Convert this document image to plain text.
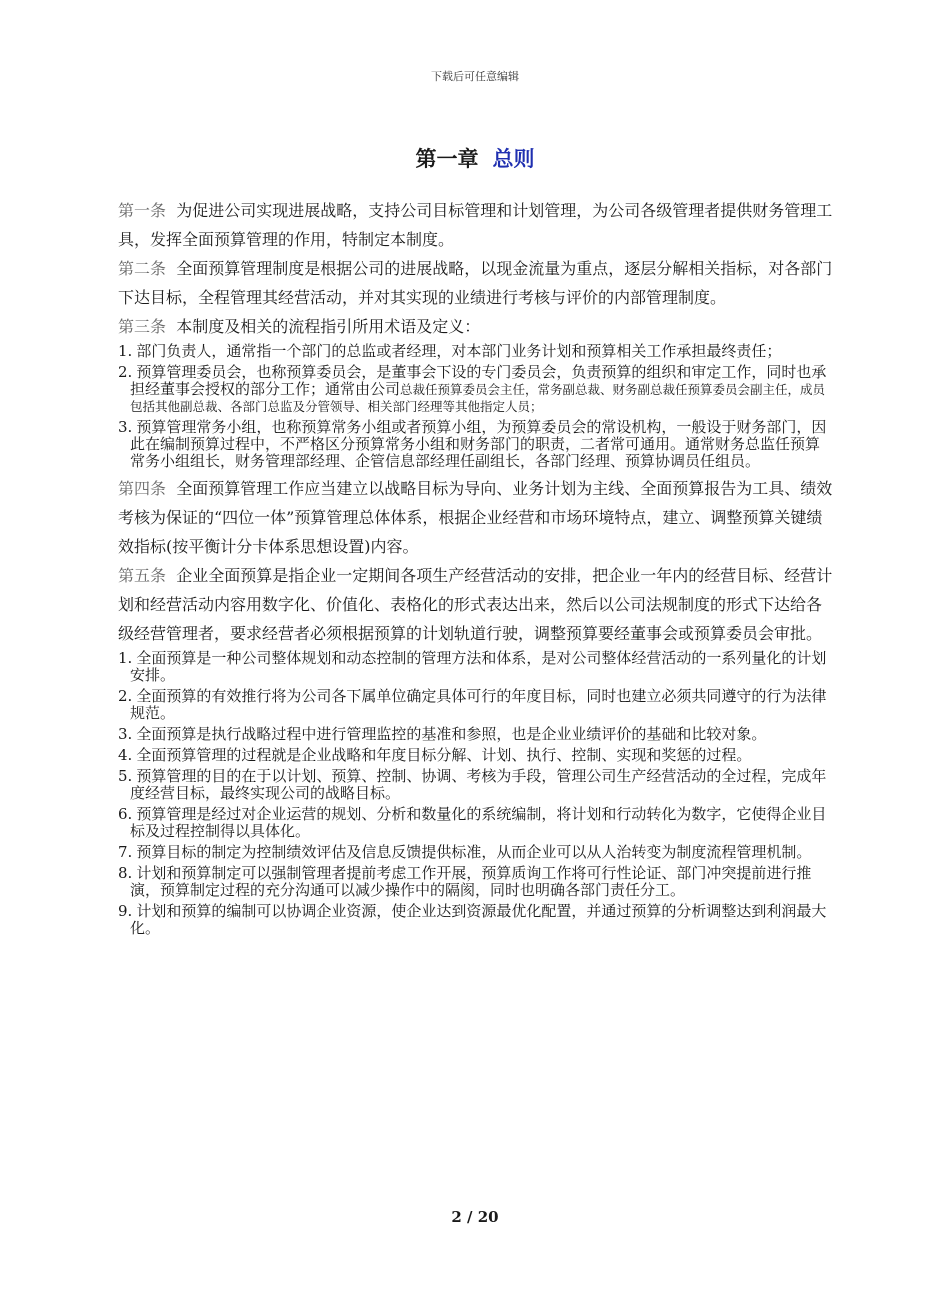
下载后可任意编辑
第一章 总则

第一条 为促进公司实现进展战略，支持公司目标管理和计划管理，为公司各级管理者提供财务管理工具，发挥全面预算管理的作用，特制定本制度。

第二条 全面预算管理制度是根据公司的进展战略，以现金流量为重点，逐层分解相关指标，对各部门下达目标，全程管理其经营活动，并对其实现的业绩进行考核与评价的内部管理制度。

第三条 本制度及相关的流程指引所用术语及定义：

1. 部门负责人，通常指一个部门的总监或者经理，对本部门业务计划和预算相关工作承担最终责任；

2. 预算管理委员会，也称预算委员会，是董事会下设的专门委员会，负责预算的组织和审定工作，同时也承担经董事会授权的部分工作；通常由公司总裁任预算委员会主任，常务副总裁、财务副总裁任预算委员会副主任，成员包括其他副总裁、各部门总监及分管领导、相关部门经理等其他指定人员；

3. 预算管理常务小组，也称预算常务小组或者预算小组，为预算委员会的常设机构，一般设于财务部门，因此在编制预算过程中，不严格区分预算常务小组和财务部门的职责，二者常可通用。通常财务总监任预算常务小组组长，财务管理部经理、企管信息部经理任副组长，各部门经理、预算协调员任组员。

第四条 全面预算管理工作应当建立以战略目标为导向、业务计划为主线、全面预算报告为工具、绩效考核为保证的“四位一体”预算管理总体体系，根据企业经营和市场环境特点，建立、调整预算关键绩效指标(按平衡计分卡体系思想设置)内容。

第五条 企业全面预算是指企业一定期间各项生产经营活动的安排，把企业一年内的经营目标、经营计划和经营活动内容用数字化、价值化、表格化的形式表达出来，然后以公司法规制度的形式下达给各级经营管理者，要求经营者必须根据预算的计划轨道行驶，调整预算要经董事会或预算委员会审批。

1. 全面预算是一种公司整体规划和动态控制的管理方法和体系，是对公司整体经营活动的一系列量化的计划安排。

2. 全面预算的有效推行将为公司各下属单位确定具体可行的年度目标，同时也建立必须共同遵守的行为法律规范。

3. 全面预算是执行战略过程中进行管理监控的基准和参照，也是企业业绩评价的基础和比较对象。

4. 全面预算管理的过程就是企业战略和年度目标分解、计划、执行、控制、实现和奖惩的过程。

5. 预算管理的目的在于以计划、预算、控制、协调、考核为手段，管理公司生产经营活动的全过程，完成年度经营目标，最终实现公司的战略目标。

6. 预算管理是经过对企业运营的规划、分析和数量化的系统编制，将计划和行动转化为数字，它使得企业目标及过程控制得以具体化。

7. 预算目标的制定为控制绩效评估及信息反馈提供标准，从而企业可以从人治转变为制度流程管理机制。

8. 计划和预算制定可以强制管理者提前考虑工作开展，预算质询工作将可行性论证、部门冲突提前进行推演，预算制定过程的充分沟通可以减少操作中的隔阂，同时也明确各部门责任分工。

9. 计划和预算的编制可以协调企业资源，使企业达到资源最优化配置，并通过预算的分析调整达到利润最大化。

2 / 20
